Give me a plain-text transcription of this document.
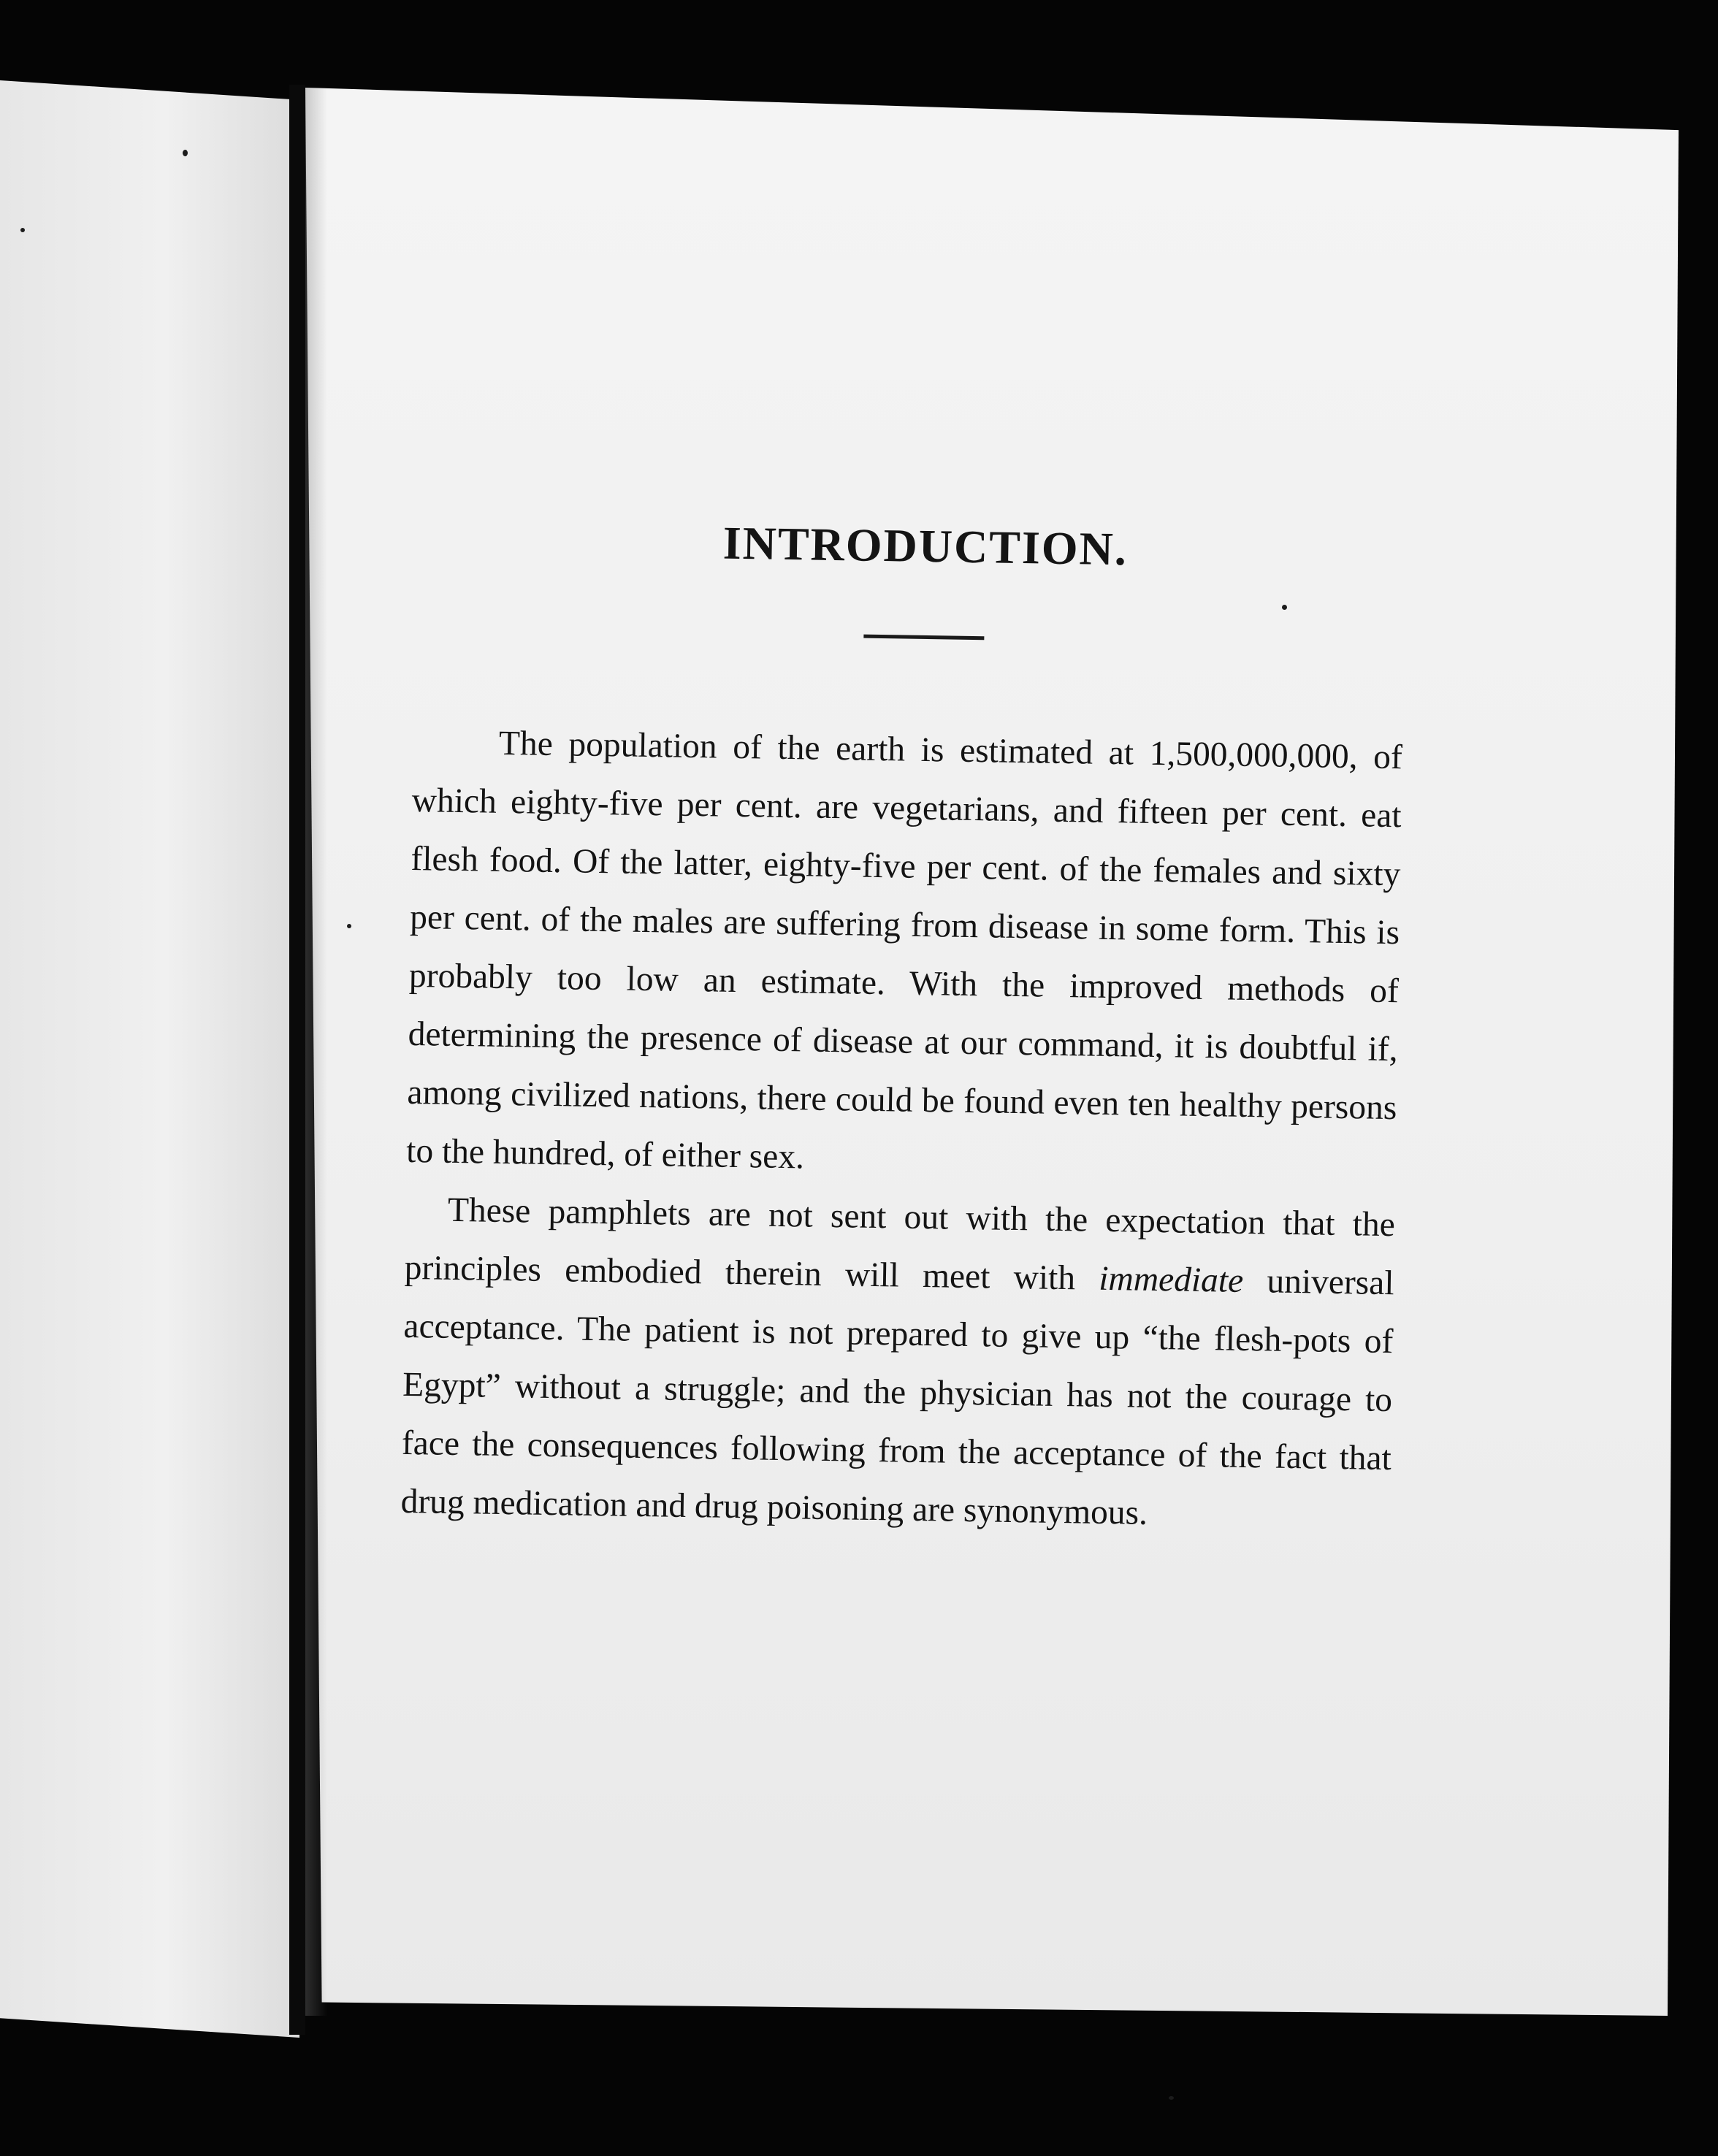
INTRODUCTION.

The population of the earth is estimated at 1,500,000,000, of which eighty-five per cent. are vegetarians, and fifteen per cent. eat flesh food. Of the latter, eighty-five per cent. of the females and sixty per cent. of the males are suffering from disease in some form. This is probably too low an estimate. With the improved methods of determining the presence of disease at our command, it is doubtful if, among civilized nations, there could be found even ten healthy persons to the hundred, of either sex.

These pamphlets are not sent out with the expectation that the principles embodied therein will meet with immediate universal acceptance. The patient is not prepared to give up “the flesh-pots of Egypt” without a struggle; and the physician has not the courage to face the consequences following from the acceptance of the fact that drug medication and drug poisoning are synonymous.
